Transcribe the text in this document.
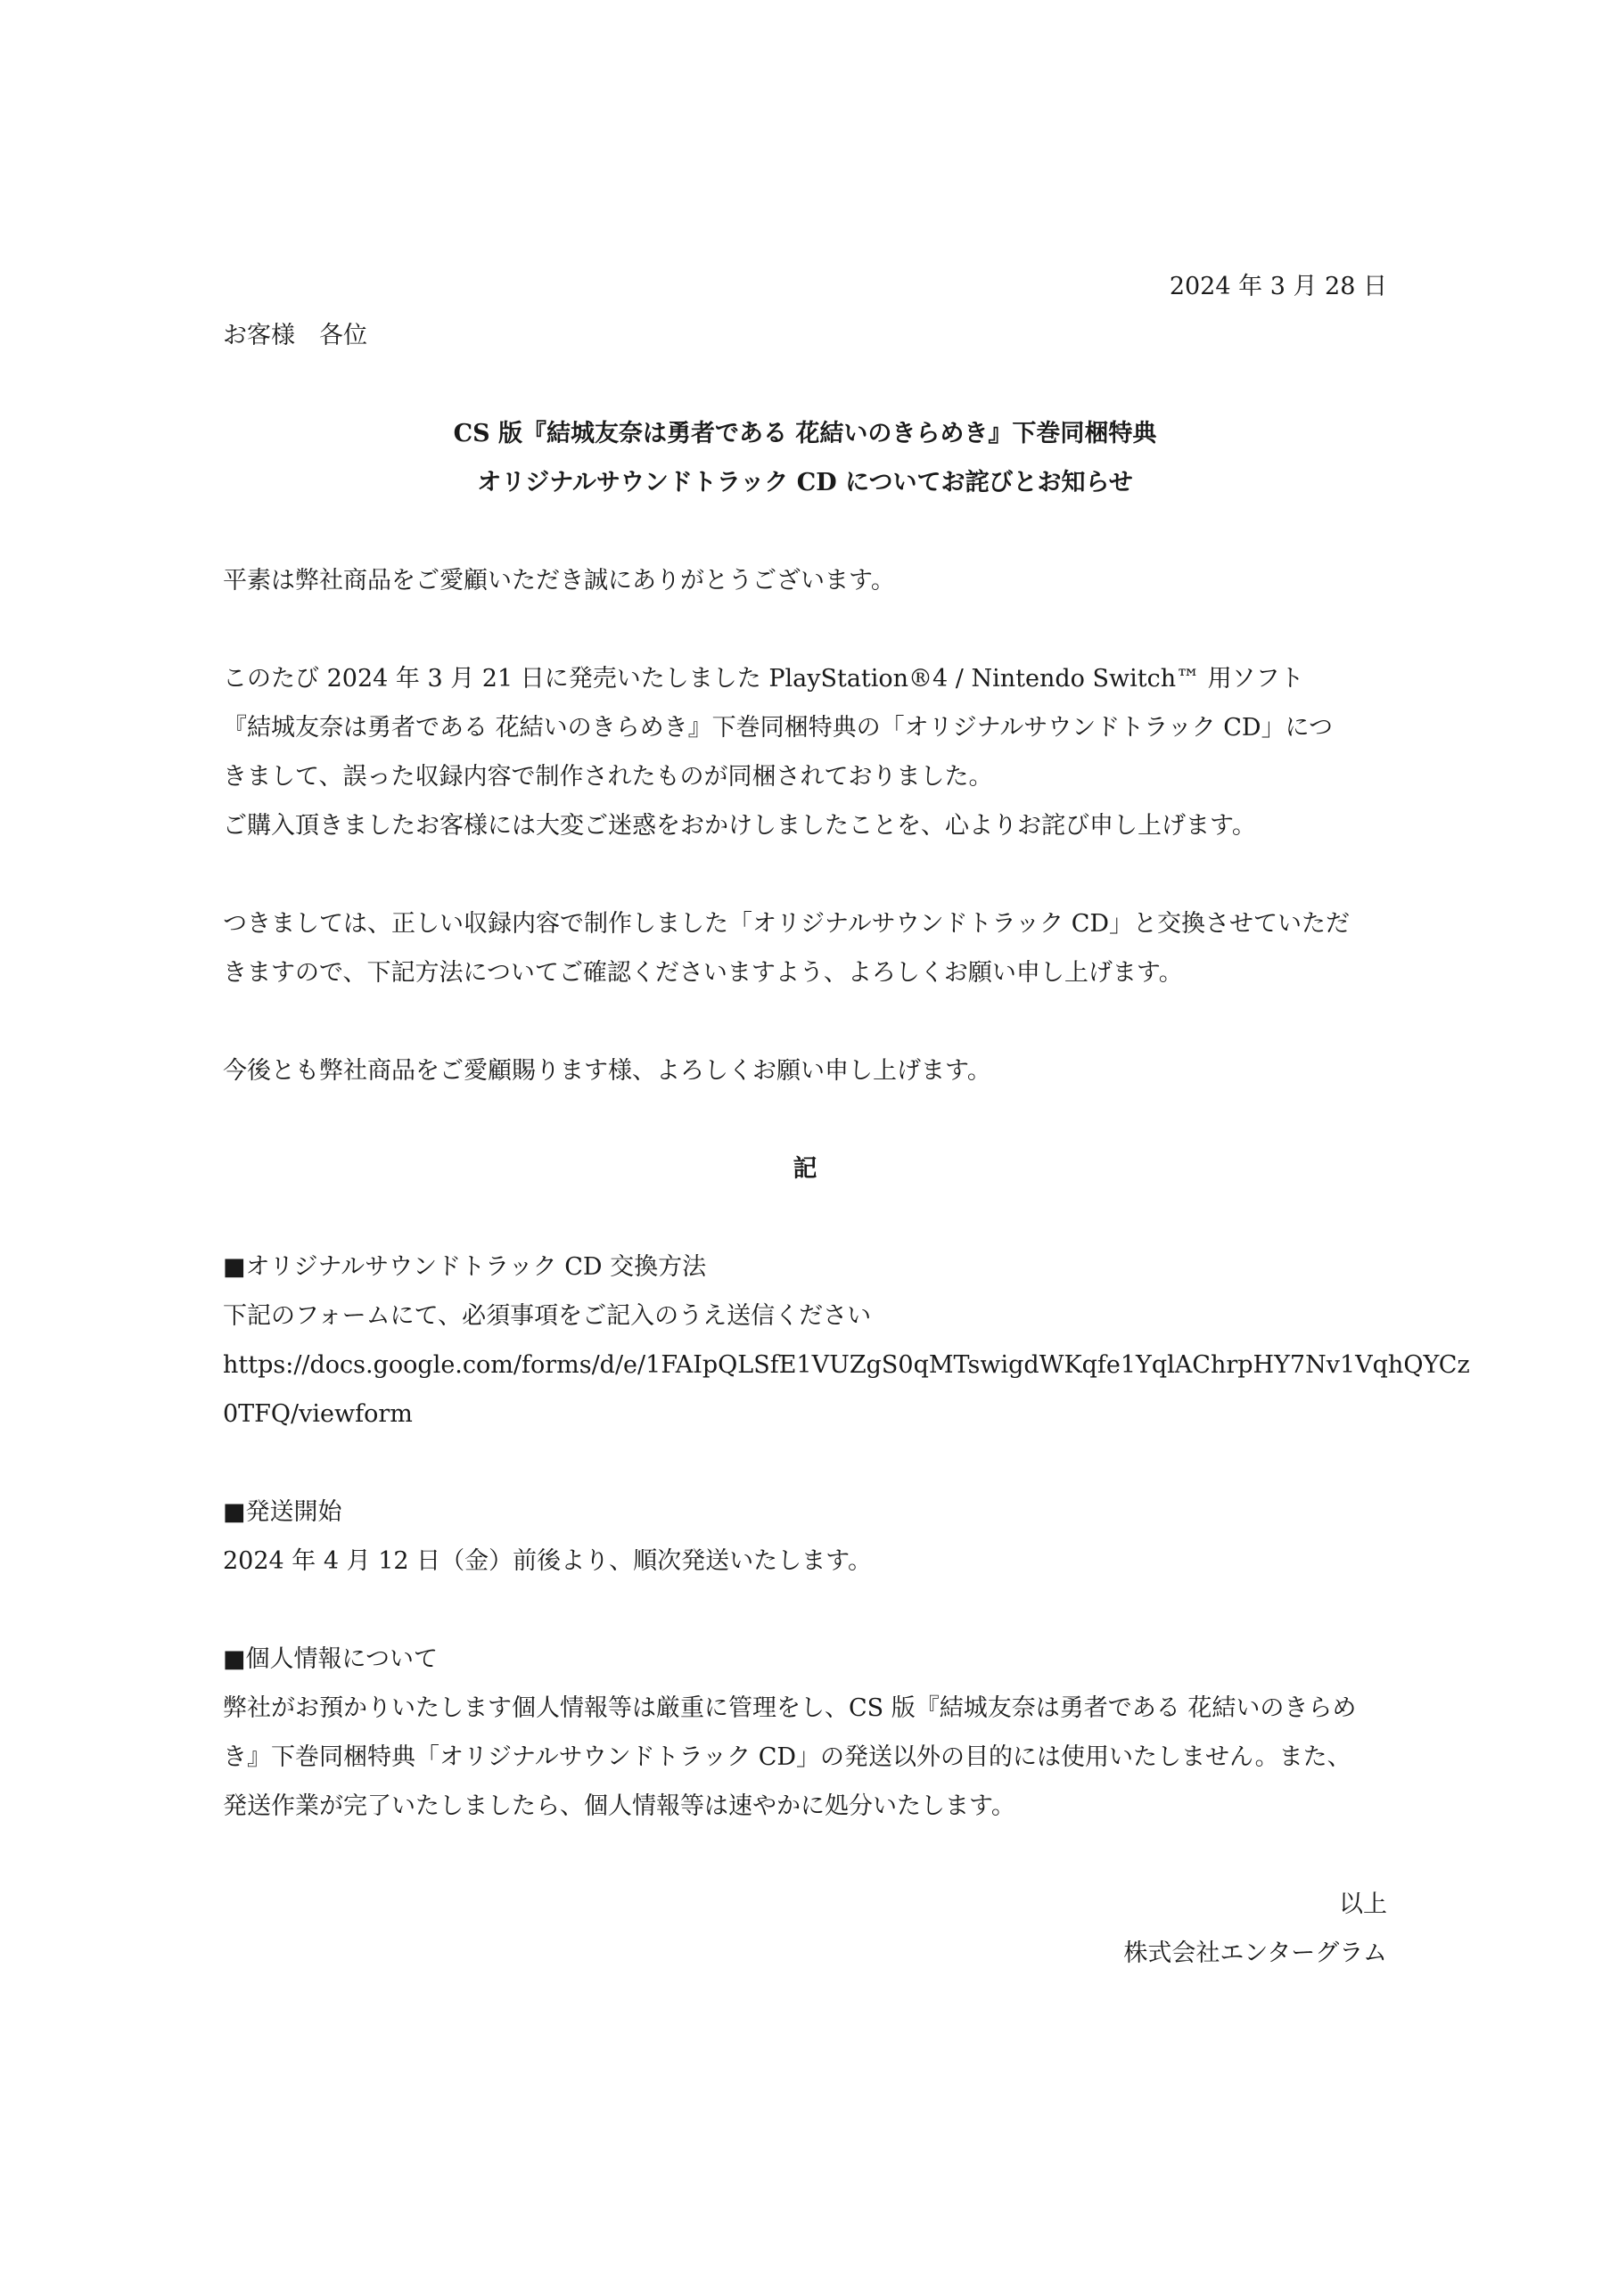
2024 年 3 月 28 日
お客様　各位
CS 版『結城友奈は勇者である 花結いのきらめき』下巻同梱特典
オリジナルサウンドトラック CD についてお詫びとお知らせ
平素は弊社商品をご愛顧いただき誠にありがとうございます。
このたび 2024 年 3 月 21 日に発売いたしました PlayStation®4 / Nintendo Switch™ 用ソフト
『結城友奈は勇者である 花結いのきらめき』下巻同梱特典の「オリジナルサウンドトラック CD」につ
きまして、誤った収録内容で制作されたものが同梱されておりました。
ご購入頂きましたお客様には大変ご迷惑をおかけしましたことを、心よりお詫び申し上げます。
つきましては、正しい収録内容で制作しました「オリジナルサウンドトラック CD」と交換させていただ
きますので、下記方法についてご確認くださいますよう、よろしくお願い申し上げます。
今後とも弊社商品をご愛顧賜ります様、よろしくお願い申し上げます。
記
■オリジナルサウンドトラック CD 交換方法
下記のフォームにて、必須事項をご記入のうえ送信ください
https://docs.google.com/forms/d/e/1FAIpQLSfE1VUZgS0qMTswigdWKqfe1YqlAChrpHY7Nv1VqhQYCz
0TFQ/viewform
■発送開始
2024 年 4 月 12 日（金）前後より、順次発送いたします。
■個人情報について
弊社がお預かりいたします個人情報等は厳重に管理をし、CS 版『結城友奈は勇者である 花結いのきらめ
き』下巻同梱特典「オリジナルサウンドトラック CD」の発送以外の目的には使用いたしません。また、
発送作業が完了いたしましたら、個人情報等は速やかに処分いたします。
以上
株式会社エンターグラム
